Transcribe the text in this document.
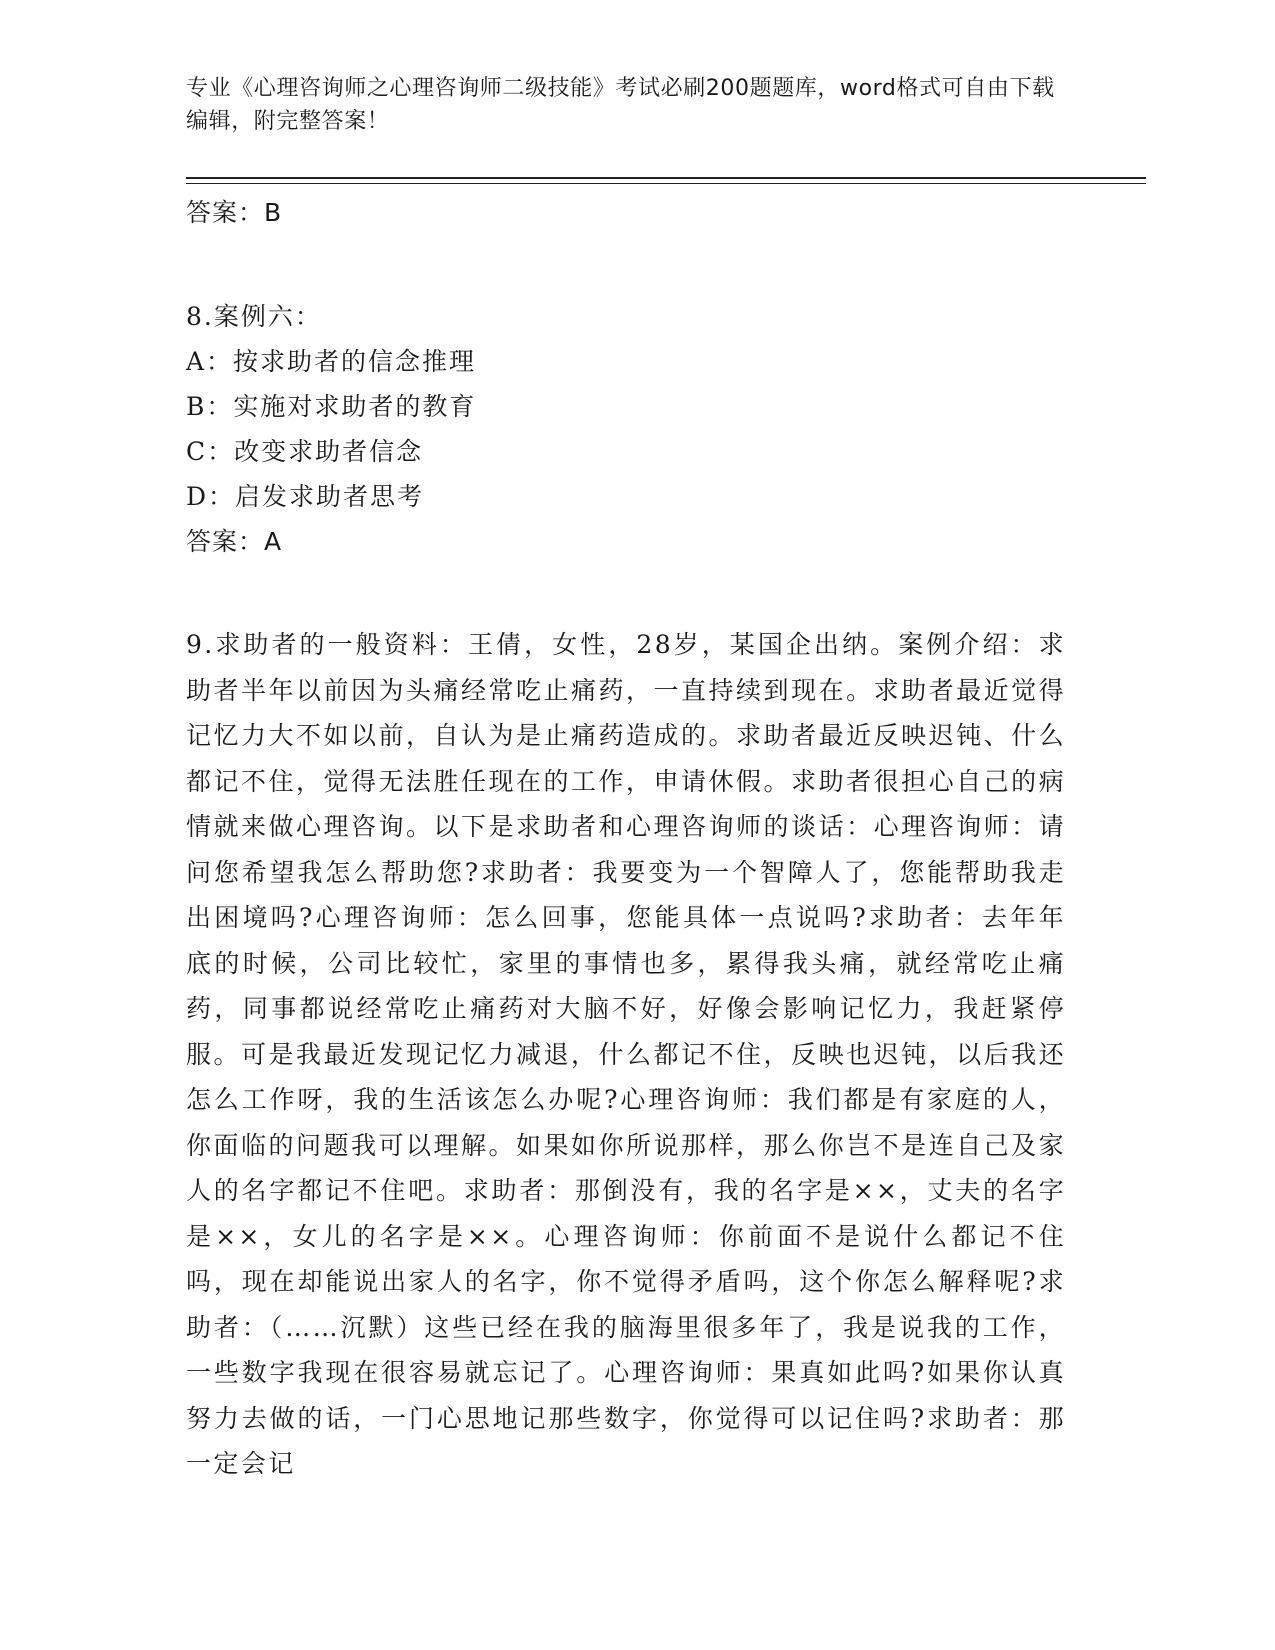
专业《心理咨询师之心理咨询师二级技能》考试必刷200题题库，word格式可自由下载编辑，附完整答案！

答案：B

8.案例六：

A：按求助者的信念推理

B：实施对求助者的教育

C：改变求助者信念

D：启发求助者思考

答案：A

9.求助者的一般资料：王倩，女性，28岁，某国企出纳。案例介绍：求助者半年以前因为头痛经常吃止痛药，一直持续到现在。求助者最近觉得记忆力大不如以前，自认为是止痛药造成的。求助者最近反映迟钝、什么都记不住，觉得无法胜任现在的工作，申请休假。求助者很担心自己的病情就来做心理咨询。以下是求助者和心理咨询师的谈话：心理咨询师：请问您希望我怎么帮助您?求助者：我要变为一个智障人了，您能帮助我走出困境吗?心理咨询师：怎么回事，您能具体一点说吗?求助者：去年年底的时候，公司比较忙，家里的事情也多，累得我头痛，就经常吃止痛药，同事都说经常吃止痛药对大脑不好，好像会影响记忆力，我赶紧停服。可是我最近发现记忆力减退，什么都记不住，反映也迟钝，以后我还怎么工作呀，我的生活该怎么办呢?心理咨询师：我们都是有家庭的人，你面临的问题我可以理解。如果如你所说那样，那么你岂不是连自己及家人的名字都记不住吧。求助者：那倒没有，我的名字是××，丈夫的名字是××，女儿的名字是××。心理咨询师：你前面不是说什么都记不住吗，现在却能说出家人的名字，你不觉得矛盾吗，这个你怎么解释呢?求助者：（……沉默）这些已经在我的脑海里很多年了，我是说我的工作，一些数字我现在很容易就忘记了。心理咨询师：果真如此吗?如果你认真努力去做的话，一门心思地记那些数字，你觉得可以记住吗?求助者：那一定会记
